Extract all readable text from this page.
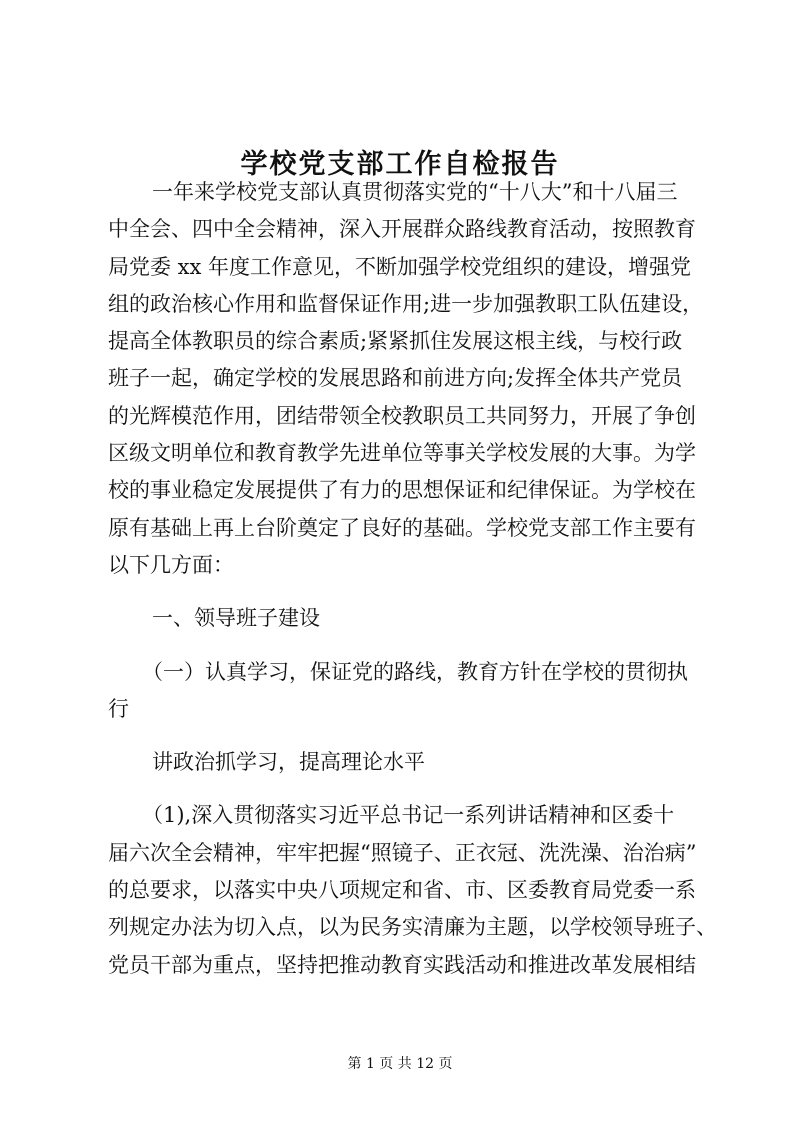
学校党支部工作自检报告
一年来学校党支部认真贯彻落实党的“十八大”和十八届三
中全会、四中全会精神，深入开展群众路线教育活动，按照教育
局党委 xx 年度工作意见，不断加强学校党组织的建设，增强党
组的政治核心作用和监督保证作用;进一步加强教职工队伍建设，
提高全体教职员的综合素质;紧紧抓住发展这根主线，与校行政
班子一起，确定学校的发展思路和前进方向;发挥全体共产党员
的光辉模范作用，团结带领全校教职员工共同努力，开展了争创
区级文明单位和教育教学先进单位等事关学校发展的大事。为学
校的事业稳定发展提供了有力的思想保证和纪律保证。为学校在
原有基础上再上台阶奠定了良好的基础。学校党支部工作主要有
以下几方面：
一、领导班子建设
（一）认真学习，保证党的路线，教育方针在学校的贯彻执
行
讲政治抓学习，提高理论水平
（1),深入贯彻落实习近平总书记一系列讲话精神和区委十
届六次全会精神，牢牢把握“照镜子、正衣冠、洗洗澡、治治病”
的总要求，以落实中央八项规定和省、市、区委教育局党委一系
列规定办法为切入点，以为民务实清廉为主题，以学校领导班子、
党员干部为重点，坚持把推动教育实践活动和推进改革发展相结
第 1 页 共 12 页
